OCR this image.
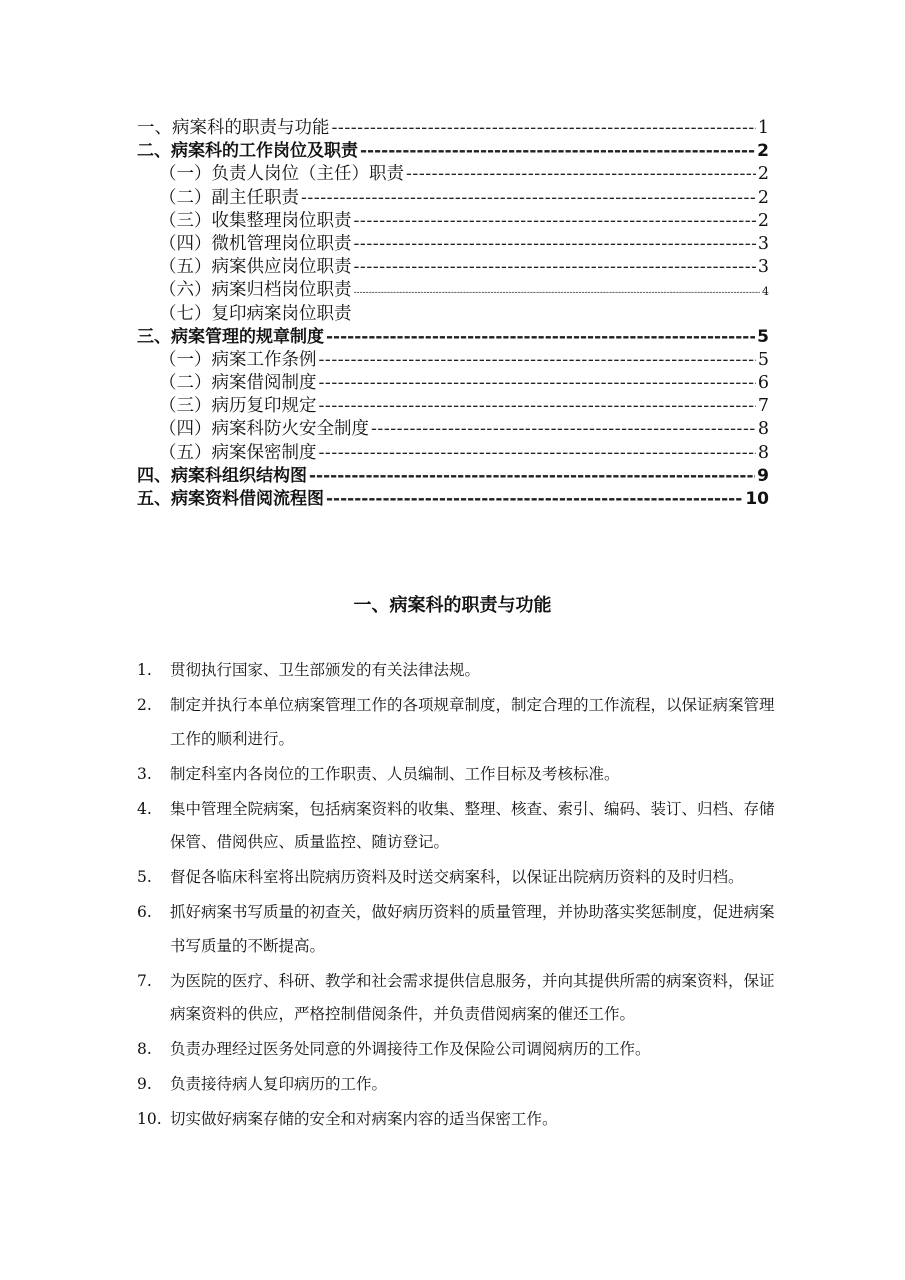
一、病案科的职责与功能 -----	1
二、病案科的工作岗位及职责 -----	2
（一）负责人岗位（主任）职责 -----	2
（二）副主任职责 -----	2
（三）收集整理岗位职责 -----	2
（四）微机管理岗位职责 -----	3
（五）病案供应岗位职责 -----	3
（六）病案归档岗位职责 -----	4
（七）复印病案岗位职责
三、病案管理的规章制度 -----	5
（一）病案工作条例 -----	5
（二）病案借阅制度 -----	6
（三）病历复印规定 -----	7
（四）病案科防火安全制度 -----	8
（五）病案保密制度 -----	8
四、病案科组织结构图 -----	9
五、病案资料借阅流程图 -----	10
一、病案科的职责与功能
1. 贯彻执行国家、卫生部颁发的有关法律法规。
2. 制定并执行本单位病案管理工作的各项规章制度，制定合理的工作流程，以保证病案管理工作的顺利进行。
3. 制定科室内各岗位的工作职责、人员编制、工作目标及考核标准。
4. 集中管理全院病案，包括病案资料的收集、整理、核查、索引、编码、装订、归档、存储保管、借阅供应、质量监控、随访登记。
5. 督促各临床科室将出院病历资料及时送交病案科，以保证出院病历资料的及时归档。
6. 抓好病案书写质量的初查关，做好病历资料的质量管理，并协助落实奖惩制度，促进病案书写质量的不断提高。
7. 为医院的医疗、科研、教学和社会需求提供信息服务，并向其提供所需的病案资料，保证病案资料的供应，严格控制借阅条件，并负责借阅病案的催还工作。
8. 负责办理经过医务处同意的外调接待工作及保险公司调阅病历的工作。
9. 负责接待病人复印病历的工作。
10. 切实做好病案存储的安全和对病案内容的适当保密工作。
